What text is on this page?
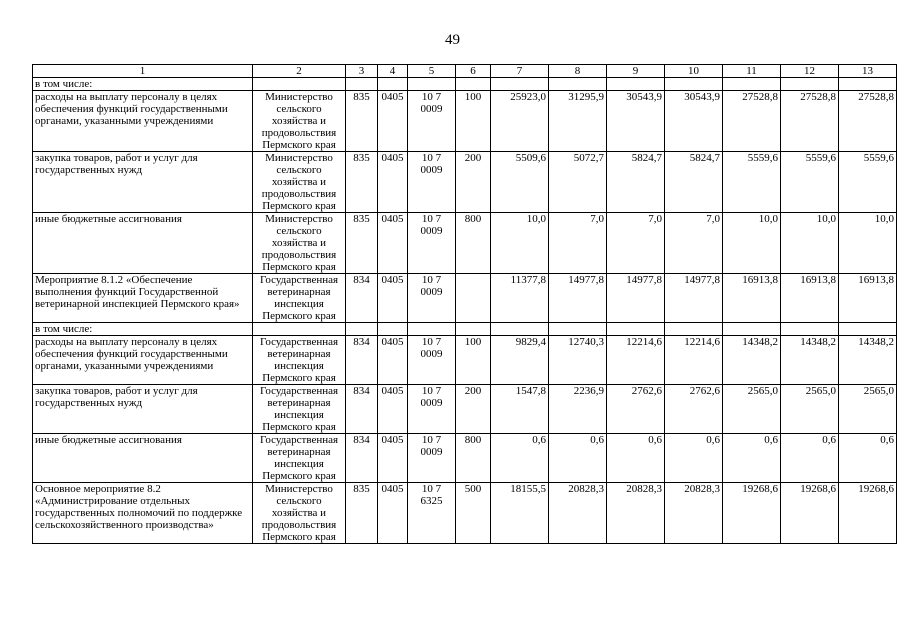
49
1	2	3	4	5	6	7	8	9	10	11	12	13
в том числе:												
расходы на выплату персоналу в целях обеспечения функций государственными органами, указанными учреждениями	Министерство сельского хозяйства и продовольствия Пермского края	835	0405	10 7 0009	100	25923,0	31295,9	30543,9	30543,9	27528,8	27528,8	27528,8
закупка товаров, работ и услуг для государственных нужд	Министерство сельского хозяйства и продовольствия Пермского края	835	0405	10 7 0009	200	5509,6	5072,7	5824,7	5824,7	5559,6	5559,6	5559,6
иные бюджетные ассигнования	Министерство сельского хозяйства и продовольствия Пермского края	835	0405	10 7 0009	800	10,0	7,0	7,0	7,0	10,0	10,0	10,0
Мероприятие 8.1.2 «Обеспечение выполнения функций Государственной ветеринарной инспекцией Пермского края»	Государственная ветеринарная инспекция Пермского края	834	0405	10 7 0009		11377,8	14977,8	14977,8	14977,8	16913,8	16913,8	16913,8
в том числе:												
расходы на выплату персоналу в целях обеспечения функций государственными органами, указанными учреждениями	Государственная ветеринарная инспекция Пермского края	834	0405	10 7 0009	100	9829,4	12740,3	12214,6	12214,6	14348,2	14348,2	14348,2
закупка товаров, работ и услуг для государственных нужд	Государственная ветеринарная инспекция Пермского края	834	0405	10 7 0009	200	1547,8	2236,9	2762,6	2762,6	2565,0	2565,0	2565,0
иные бюджетные ассигнования	Государственная ветеринарная инспекция Пермского края	834	0405	10 7 0009	800	0,6	0,6	0,6	0,6	0,6	0,6	0,6
Основное мероприятие 8.2 «Администрирование отдельных государственных полномочий по поддержке сельскохозяйственного производства»	Министерство сельского хозяйства и продовольствия Пермского края	835	0405	10 7 6325	500	18155,5	20828,3	20828,3	20828,3	19268,6	19268,6	19268,6
